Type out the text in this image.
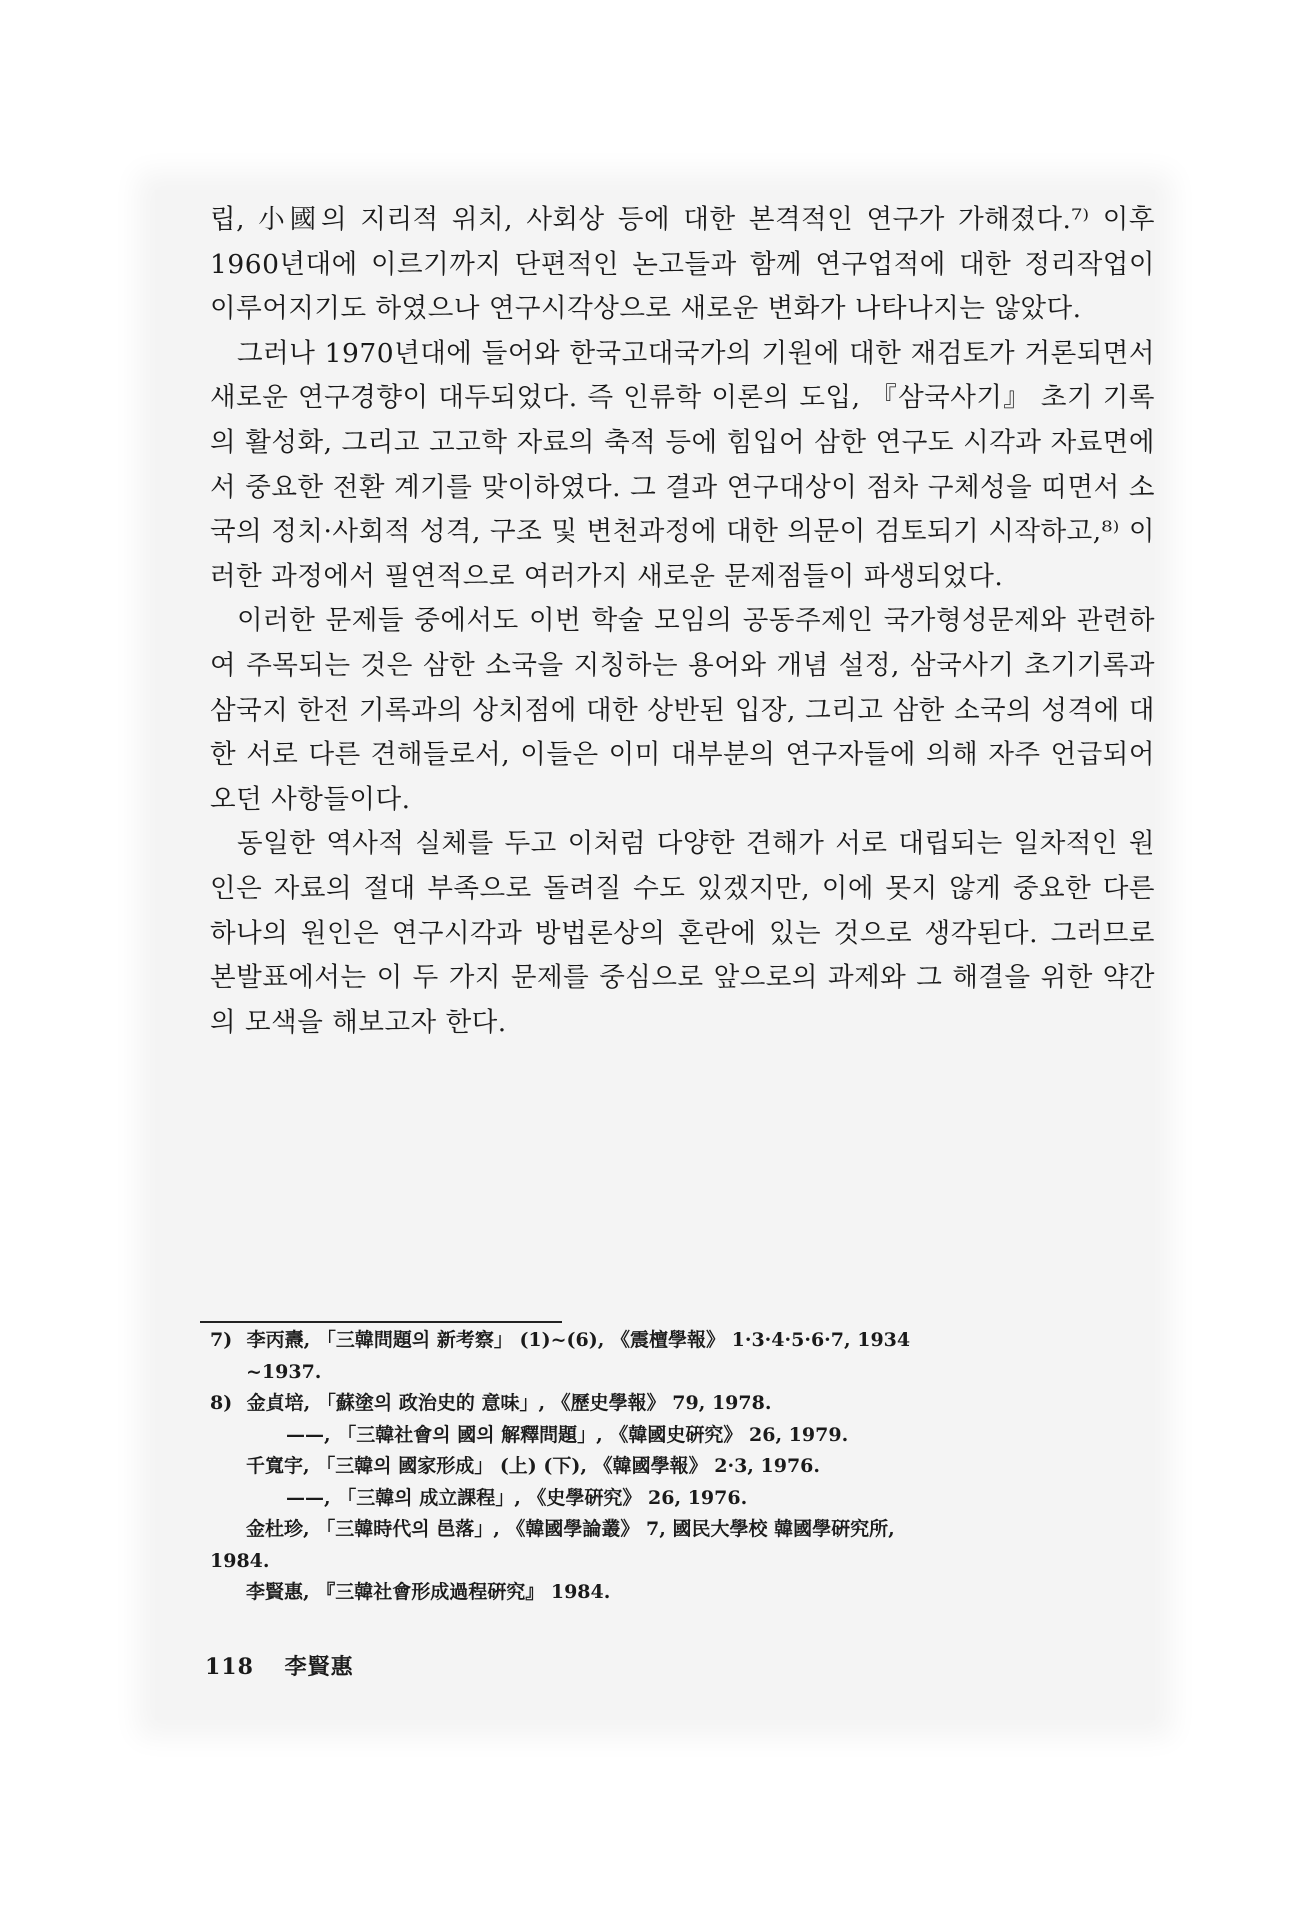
립, 小國의 지리적 위치, 사회상 등에 대한 본격적인 연구가 가해졌다.⁷⁾ 이후 1960년대에 이르기까지 단편적인 논고들과 함께 연구업적에 대한 정리작업이 이루어지기도 하였으나 연구시각상으로 새로운 변화가 나타나지는 않았다.

그러나 1970년대에 들어와 한국고대국가의 기원에 대한 재검토가 거론되면서 새로운 연구경향이 대두되었다. 즉 인류학 이론의 도입, 『삼국사기』 초기 기록의 활성화, 그리고 고고학 자료의 축적 등에 힘입어 삼한 연구도 시각과 자료면에서 중요한 전환 계기를 맞이하였다. 그 결과 연구대상이 점차 구체성을 띠면서 소국의 정치·사회적 성격, 구조 및 변천과정에 대한 의문이 검토되기 시작하고,⁸⁾ 이러한 과정에서 필연적으로 여러가지 새로운 문제점들이 파생되었다.

이러한 문제들 중에서도 이번 학술 모임의 공동주제인 국가형성문제와 관련하여 주목되는 것은 삼한 소국을 지칭하는 용어와 개념 설정, 삼국사기 초기기록과 삼국지 한전 기록과의 상치점에 대한 상반된 입장, 그리고 삼한 소국의 성격에 대한 서로 다른 견해들로서, 이들은 이미 대부분의 연구자들에 의해 자주 언급되어 오던 사항들이다.

동일한 역사적 실체를 두고 이처럼 다양한 견해가 서로 대립되는 일차적인 원인은 자료의 절대 부족으로 돌려질 수도 있겠지만, 이에 못지 않게 중요한 다른 하나의 원인은 연구시각과 방법론상의 혼란에 있는 것으로 생각된다. 그러므로 본발표에서는 이 두 가지 문제를 중심으로 앞으로의 과제와 그 해결을 위한 약간의 모색을 해보고자 한다.

7) 李丙燾, 「三韓問題의 新考察」 (1)~(6), 《震檀學報》 1·3·4·5·6·7, 1934
~1937.
8) 金貞培, 「蘇塗의 政治史的 意味」, 《歷史學報》 79, 1978.
——, 「三韓社會의 國의 解釋問題」, 《韓國史硏究》 26, 1979.
千寬宇, 「三韓의 國家形成」 (上) (下), 《韓國學報》 2·3, 1976.
——, 「三韓의 成立課程」, 《史學硏究》 26, 1976.
金杜珍, 「三韓時代의 邑落」, 《韓國學論叢》 7, 國民大學校 韓國學硏究所,
1984.
李賢惠, 『三韓社會形成過程硏究』 1984.
118 李賢惠
